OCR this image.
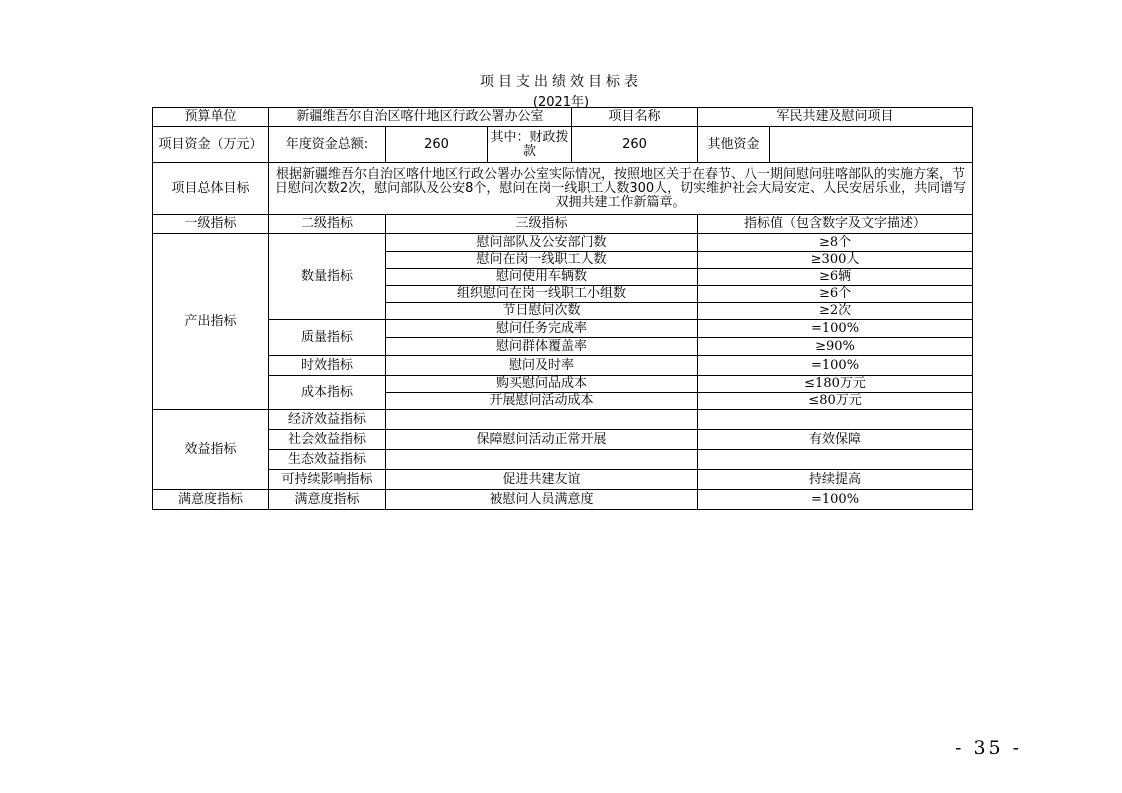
项目支出绩效目标表
(2021年)
预算单位	新疆维吾尔自治区喀什地区行政公署办公室			项目名称	军民共建及慰问项目	
项目资金（万元）	年度资金总额:	260	其中：财政拨款	260	其他资金	
项目总体目标	根据新疆维吾尔自治区喀什地区行政公署办公室实际情况，按照地区关于在春节、八一期间慰问驻喀部队的实施方案，节日慰问次数2次，慰问部队及公安8个，慰问在岗一线职工人数300人，切实维护社会大局安定、人民安居乐业，共同谱写双拥共建工作新篇章。					
一级指标	二级指标	三级指标			指标值（包含数字及文字描述）	
产出指标	数量指标	慰问部队及公安部门数			≥8个	
		慰问在岗一线职工人数			≥300人	
		慰问使用车辆数			≥6辆	
		组织慰问在岗一线职工小组数			≥6个	
		节日慰问次数			≥2次	
	质量指标	慰问任务完成率			=100%	
		慰问群体覆盖率			≥90%	
	时效指标	慰问及时率			=100%	
	成本指标	购买慰问品成本			≤180万元	
		开展慰问活动成本			≤80万元	
效益指标	经济效益指标					
	社会效益指标	保障慰问活动正常开展			有效保障	
	生态效益指标					
	可持续影响指标	促进共建友谊			持续提高	
满意度指标	满意度指标	被慰问人员满意度			=100%	
- 35 -
